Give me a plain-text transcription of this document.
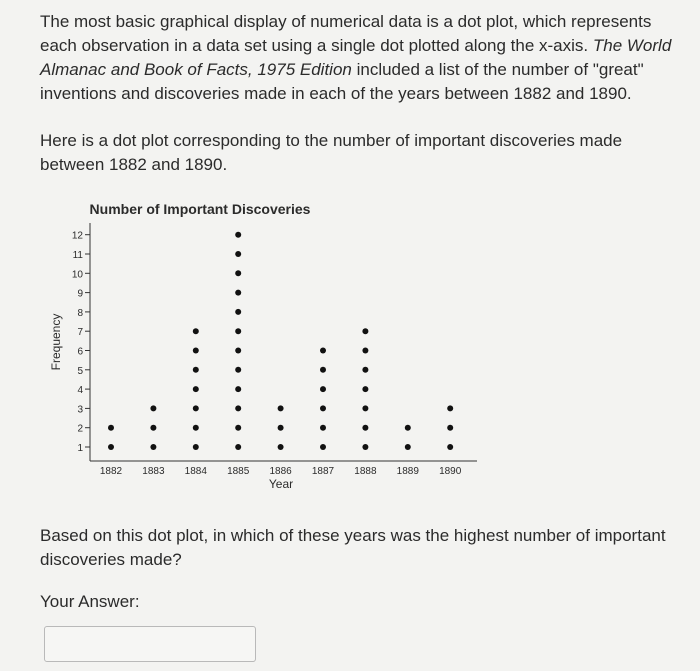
The most basic graphical display of numerical data is a dot plot, which represents each observation in a data set using a single dot plotted along the x-axis. The World Almanac and Book of Facts, 1975 Edition included a list of the number of "great" inventions and discoveries made in each of the years between 1882 and 1890.

Here is a dot plot corresponding to the number of important discoveries made between 1882 and 1890.

Number of Important Discoveries
Frequency
Year
1
2
3
4
5
6
7
8
9
10
11
12
1882 1883 1884 1885 1886 1887 1888 1889 1890

Based on this dot plot, in which of these years was the highest number of important discoveries made?

Your Answer:
